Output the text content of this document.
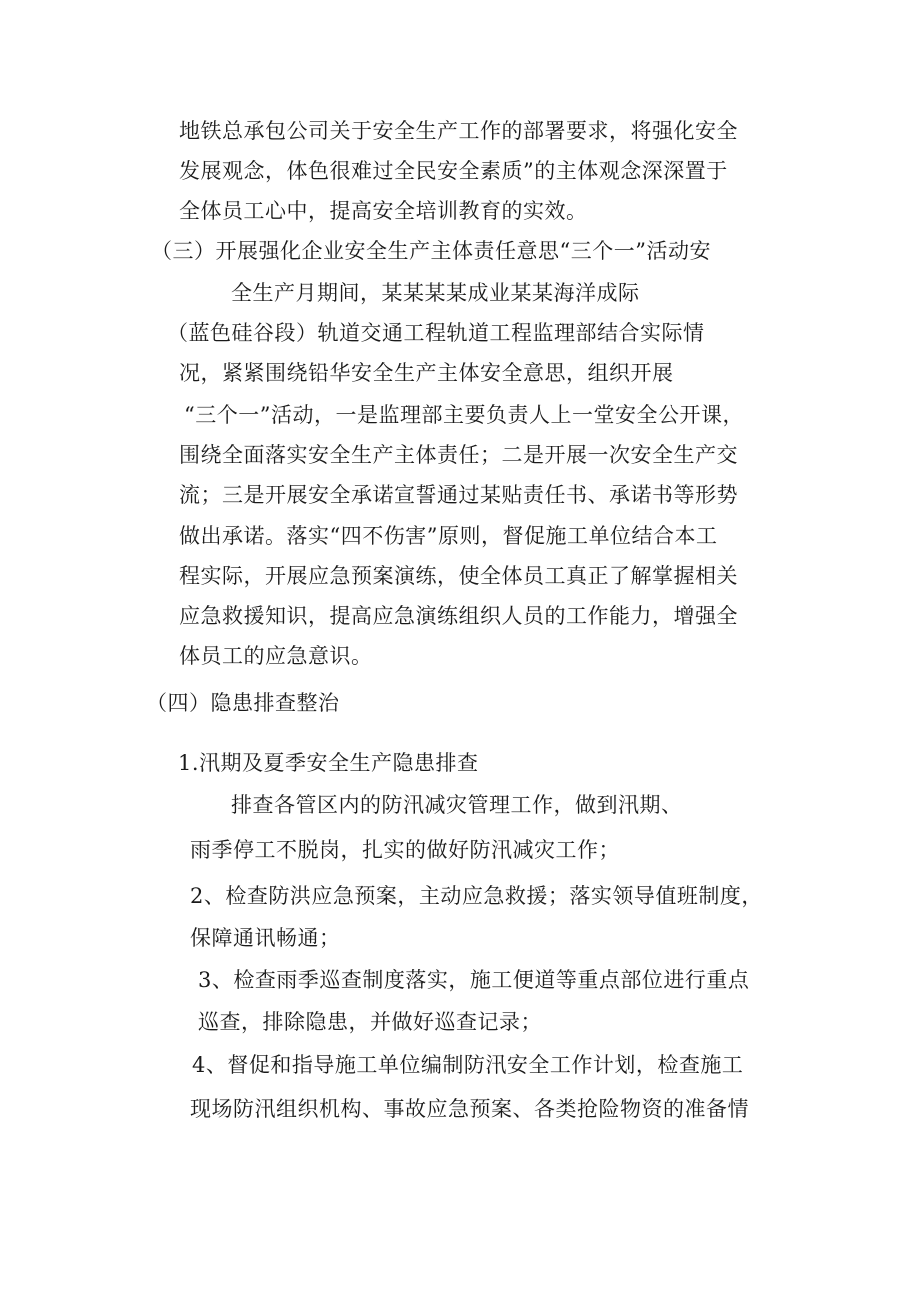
地铁总承包公司关于安全生产工作的部署要求，将强化安全
发展观念，体色很难过全民安全素质”的主体观念深深置于
全体员工心中，提高安全培训教育的实效。
（三）开展强化企业安全生产主体责任意思“三个一”活动安
全生产月期间，某某某某成业某某海洋成际
（蓝色硅谷段）轨道交通工程轨道工程监理部结合实际情
况，紧紧围绕铅华安全生产主体安全意思，组织开展
“三个一”活动，一是监理部主要负责人上一堂安全公开课，
围绕全面落实安全生产主体责任；二是开展一次安全生产交
流；三是开展安全承诺宣誓通过某贴责任书、承诺书等形势
做出承诺。落实“四不伤害”原则，督促施工单位结合本工
程实际，开展应急预案演练，使全体员工真正了解掌握相关
应急救援知识，提高应急演练组织人员的工作能力，增强全
体员工的应急意识。
（四）隐患排查整治
1.汛期及夏季安全生产隐患排查
排查各管区内的防汛减灾管理工作，做到汛期、
雨季停工不脱岗，扎实的做好防汛减灾工作；
2、检查防洪应急预案，主动应急救援；落实领导值班制度，
保障通讯畅通；
3、检查雨季巡查制度落实，施工便道等重点部位进行重点
巡查，排除隐患，并做好巡查记录；
4、督促和指导施工单位编制防汛安全工作计划，检查施工
现场防汛组织机构、事故应急预案、各类抢险物资的准备情
